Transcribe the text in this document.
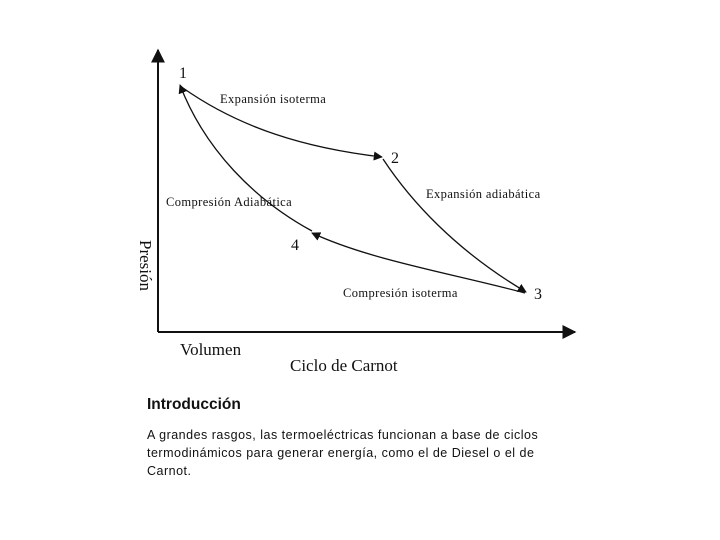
1
2
3
4
Expansión isoterma
Expansión adiabática
Compresión Adiabática
Compresión isoterma
Presión
Volumen
Ciclo de Carnot

Introducción

A grandes rasgos, las termoeléctricas funcionan a base de ciclos termodinámicos para generar energía, como el de Diesel o el de Carnot.
